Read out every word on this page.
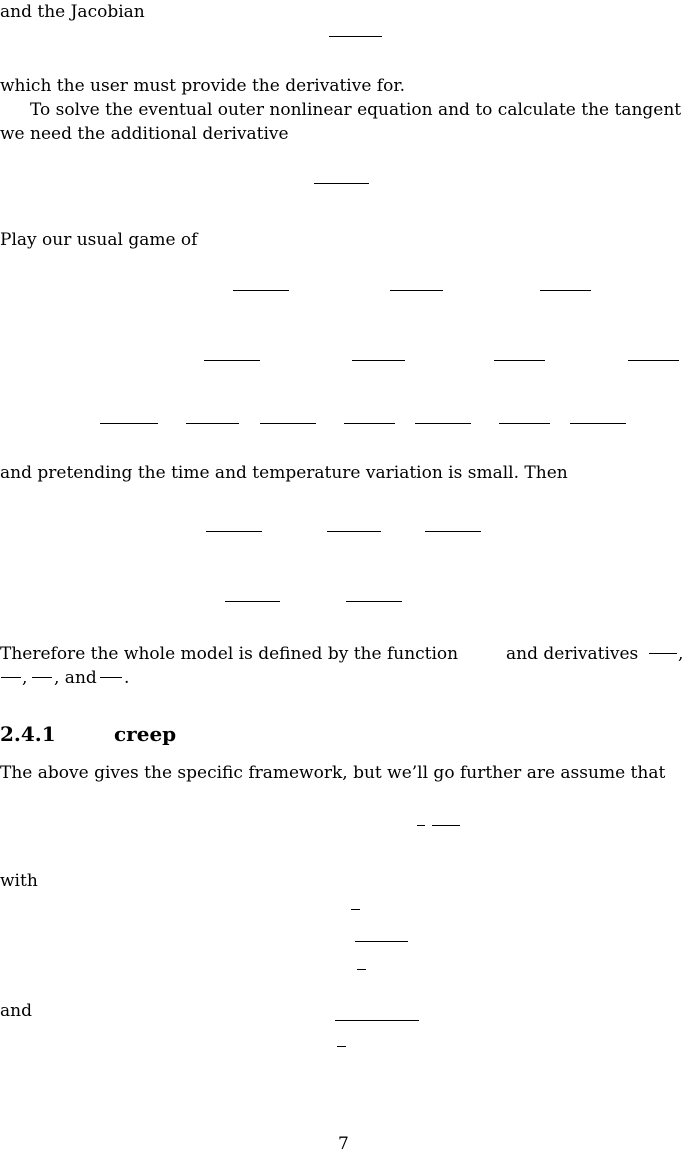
and the Jacobian
which the user must provide the derivative for.
To solve the eventual outer nonlinear equation and to calculate the tangent
we need the additional derivative
Play our usual game of
and pretending the time and temperature variation is small. Then
Therefore the whole model is defined by the function	and derivatives ,
, , and .
2.4.1	creep
The above gives the specific framework, but we’ll go further are assume that
with
and
7
